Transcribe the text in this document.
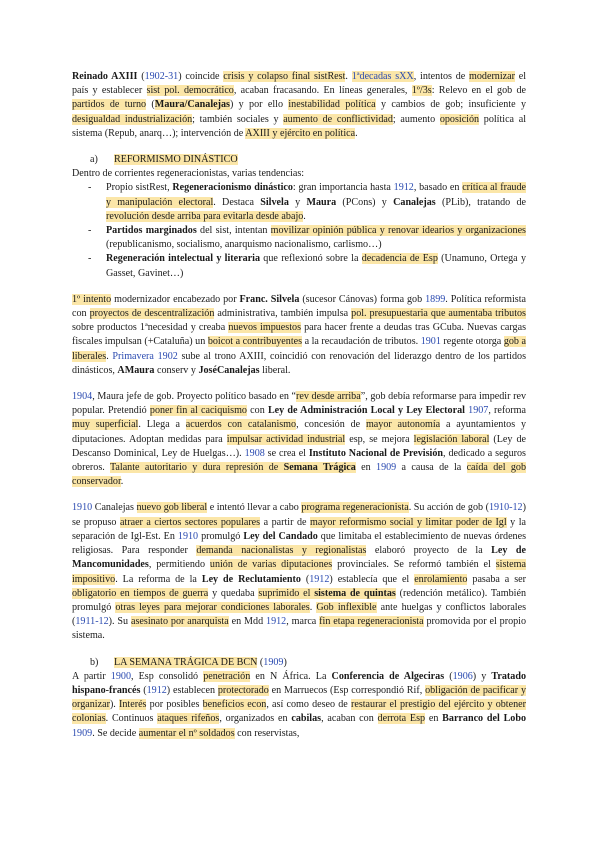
Reinado AXIII (1902-31) coincide crisis y colapso final sistRest. 1ªdecadas sXX, intentos de modernizar el país y establecer sist pol. democrático, acaban fracasando. En líneas generales, 1º/3s: Relevo en el gob de partidos de turno (Maura/Canalejas) y por ello inestabilidad política y cambios de gob; insuficiente y desigualdad industrialización; también sociales y aumento de conflictividad; aumento oposición política al sistema (Repub, anarq…); intervención de AXIII y ejército en política.

a) REFORMISMO DINÁSTICO
Dentro de corrientes regeneracionistas, varias tendencias:
- Propio sistRest, Regeneracionismo dinástico: gran importancia hasta 1912, basado en crítica al fraude y manipulación electoral. Destaca Silvela y Maura (PCons) y Canalejas (PLib), tratando de revolución desde arriba para evitarla desde abajo.
- Partidos marginados del sist, intentan movilizar opinión pública y renovar idearios y organizaciones (republicanismo, socialismo, anarquismo nacionalismo, carlismo…)
- Regeneración intelectual y literaria que reflexionó sobre la decadencia de Esp (Unamuno, Ortega y Gasset, Gavinet…)

1º intento modernizador encabezado por Franc. Silvela (sucesor Cánovas) forma gob 1899. Política reformista con proyectos de descentralización administrativa, también impulsa pol. presupuestaria que aumentaba tributos sobre productos 1ªnecesidad y creaba nuevos impuestos para hacer frente a deudas tras GCuba. Nuevas cargas fiscales impulsan (+Cataluña) un boicot a contribuyentes a la recaudación de tributos. 1901 regente otorga gob a liberales. Primavera 1902 sube al trono AXIII, coincidió con renovación del liderazgo dentro de los partidos dinásticos, AMaura conserv y JoséCanalejas liberal.

1904, Maura jefe de gob. Proyecto político basado en “rev desde arriba”, gob debía reformarse para impedir rev popular. Pretendió poner fin al caciquismo con Ley de Administración Local y Ley Electoral 1907, reforma muy superficial. Llega a acuerdos con catalanismo, concesión de mayor autonomía a ayuntamientos y diputaciones. Adoptan medidas para impulsar actividad industrial esp, se mejora legislación laboral (Ley de Descanso Dominical, Ley de Huelgas…). 1908 se crea el Instituto Nacional de Previsión, dedicado a seguros obreros. Talante autoritario y dura represión de Semana Trágica en 1909 a causa de la caída del gob conservador.

1910 Canalejas nuevo gob liberal e intentó llevar a cabo programa regeneracionista. Su acción de gob (1910-12) se propuso atraer a ciertos sectores populares a partir de mayor reformismo social y limitar poder de Igl y la separación de Igl-Est. En 1910 promulgó Ley del Candado que limitaba el establecimiento de nuevas órdenes religiosas. Para responder demanda nacionalistas y regionalistas elaboró proyecto de la Ley de Mancomunidades, permitiendo unión de varias diputaciones provinciales. Se reformó también el sistema impositivo. La reforma de la Ley de Reclutamiento (1912) establecía que el enrolamiento pasaba a ser obligatorio en tiempos de guerra y quedaba suprimido el sistema de quintas (redención metálico). También promulgó otras leyes para mejorar condiciones laborales. Gob inflexible ante huelgas y conflictos laborales (1911-12). Su asesinato por anarquista en Mdd 1912, marca fin etapa regeneracionista promovida por el propio sistema.

b) LA SEMANA TRÁGICA DE BCN (1909)

A partir 1900, Esp consolidó penetración en N África. La Conferencia de Algeciras (1906) y Tratado hispano-francés (1912) establecen protectorado en Marruecos (Esp correspondió Rif, obligación de pacificar y organizar). Interés por posibles beneficios econ, así como deseo de restaurar el prestigio del ejército y obtener colonias. Continuos ataques rifeños, organizados en cabilas, acaban con derrota Esp en Barranco del Lobo 1909. Se decide aumentar el nº soldados con reservistas,
